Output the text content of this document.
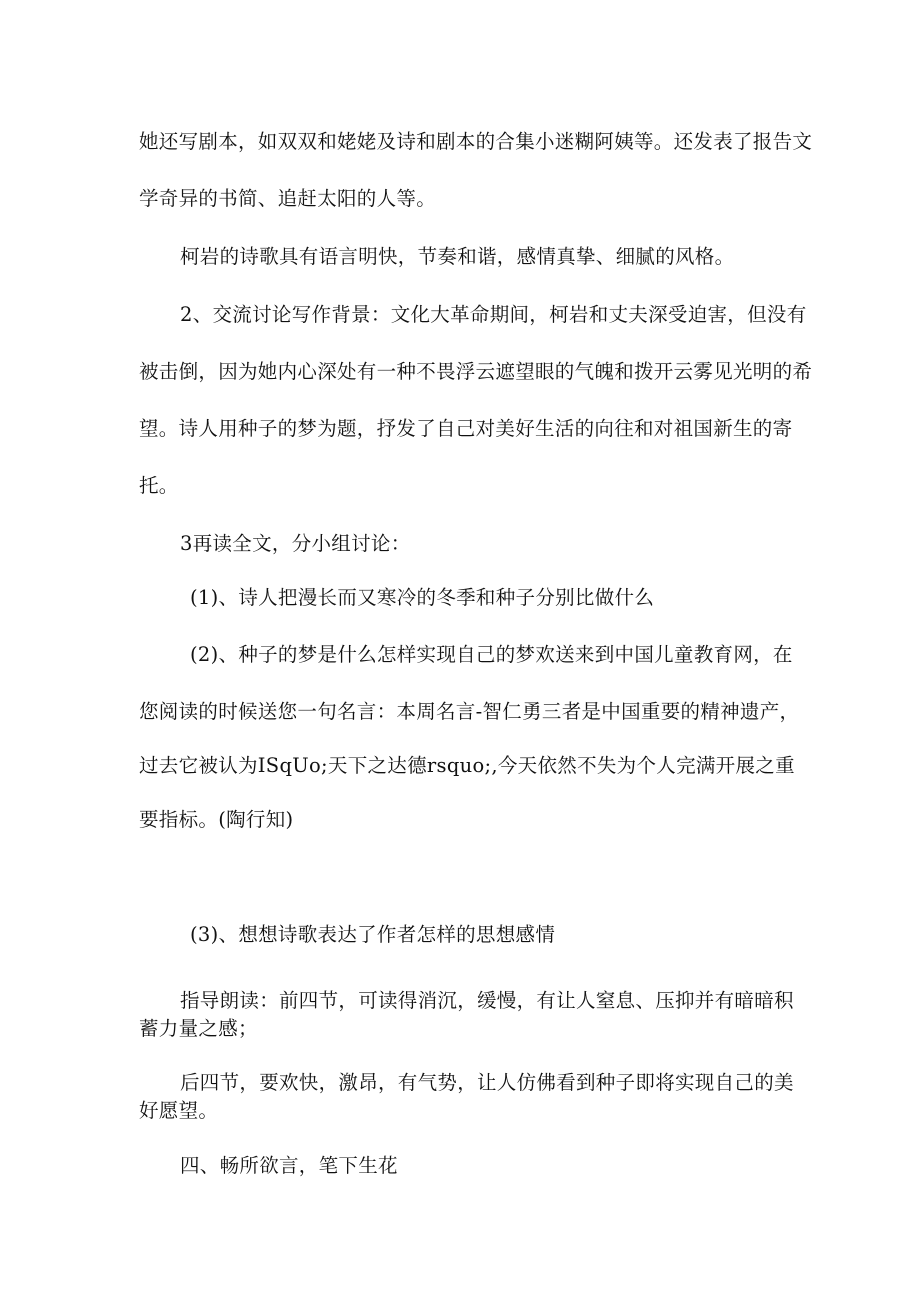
她还写剧本，如双双和姥姥及诗和剧本的合集小迷糊阿姨等。还发表了报告文
学奇异的书简、追赶太阳的人等。
柯岩的诗歌具有语言明快，节奏和谐，感情真挚、细腻的风格。
2、交流讨论写作背景：文化大革命期间，柯岩和丈夫深受迫害，但没有
被击倒，因为她内心深处有一种不畏浮云遮望眼的气魄和拨开云雾见光明的希
望。诗人用种子的梦为题，抒发了自己对美好生活的向往和对祖国新生的寄
托。
3再读全文，分小组讨论：
(1)、诗人把漫长而又寒冷的冬季和种子分别比做什么
(2)、种子的梦是什么怎样实现自己的梦欢送来到中国儿童教育网，在
您阅读的时候送您一句名言：本周名言-智仁勇三者是中国重要的精神遗产，
过去它被认为ISqUo;天下之达德rsquo;,今天依然不失为个人完满开展之重
要指标。(陶行知)
(3)、想想诗歌表达了作者怎样的思想感情
指导朗读：前四节，可读得消沉，缓慢，有让人窒息、压抑并有暗暗积
蓄力量之感；
后四节，要欢快，激昂，有气势，让人仿佛看到种子即将实现自己的美
好愿望。
四、畅所欲言，笔下生花
